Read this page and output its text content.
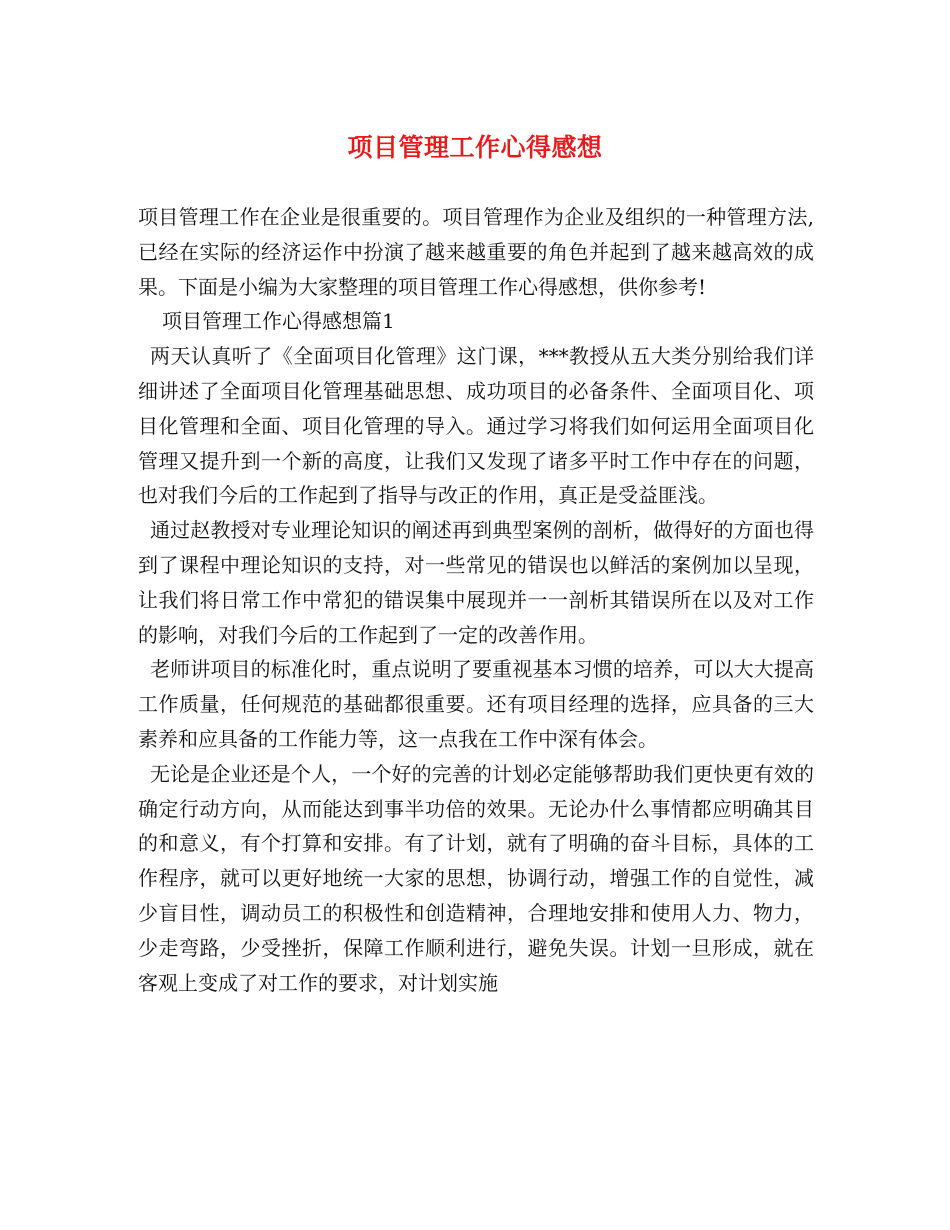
项目管理工作心得感想

项目管理工作在企业是很重要的。项目管理作为企业及组织的一种管理方法,已经在实际的经济运作中扮演了越来越重要的角色并起到了越来越高效的成果。下面是小编为大家整理的项目管理工作心得感想，供你参考!

项目管理工作心得感想篇1

两天认真听了《全面项目化管理》这门课，***教授从五大类分别给我们详细讲述了全面项目化管理基础思想、成功项目的必备条件、全面项目化、项目化管理和全面、项目化管理的导入。通过学习将我们如何运用全面项目化管理又提升到一个新的高度，让我们又发现了诸多平时工作中存在的问题，也对我们今后的工作起到了指导与改正的作用，真正是受益匪浅。

通过赵教授对专业理论知识的阐述再到典型案例的剖析，做得好的方面也得到了课程中理论知识的支持，对一些常见的错误也以鲜活的案例加以呈现，让我们将日常工作中常犯的错误集中展现并一一剖析其错误所在以及对工作的影响，对我们今后的工作起到了一定的改善作用。

老师讲项目的标准化时，重点说明了要重视基本习惯的培养，可以大大提高工作质量，任何规范的基础都很重要。还有项目经理的选择，应具备的三大素养和应具备的工作能力等，这一点我在工作中深有体会。

无论是企业还是个人，一个好的完善的计划必定能够帮助我们更快更有效的确定行动方向，从而能达到事半功倍的效果。无论办什么事情都应明确其目的和意义，有个打算和安排。有了计划，就有了明确的奋斗目标，具体的工作程序，就可以更好地统一大家的思想，协调行动，增强工作的自觉性，减少盲目性，调动员工的积极性和创造精神，合理地安排和使用人力、物力，少走弯路，少受挫折，保障工作顺利进行，避免失误。计划一旦形成，就在客观上变成了对工作的要求，对计划实施
